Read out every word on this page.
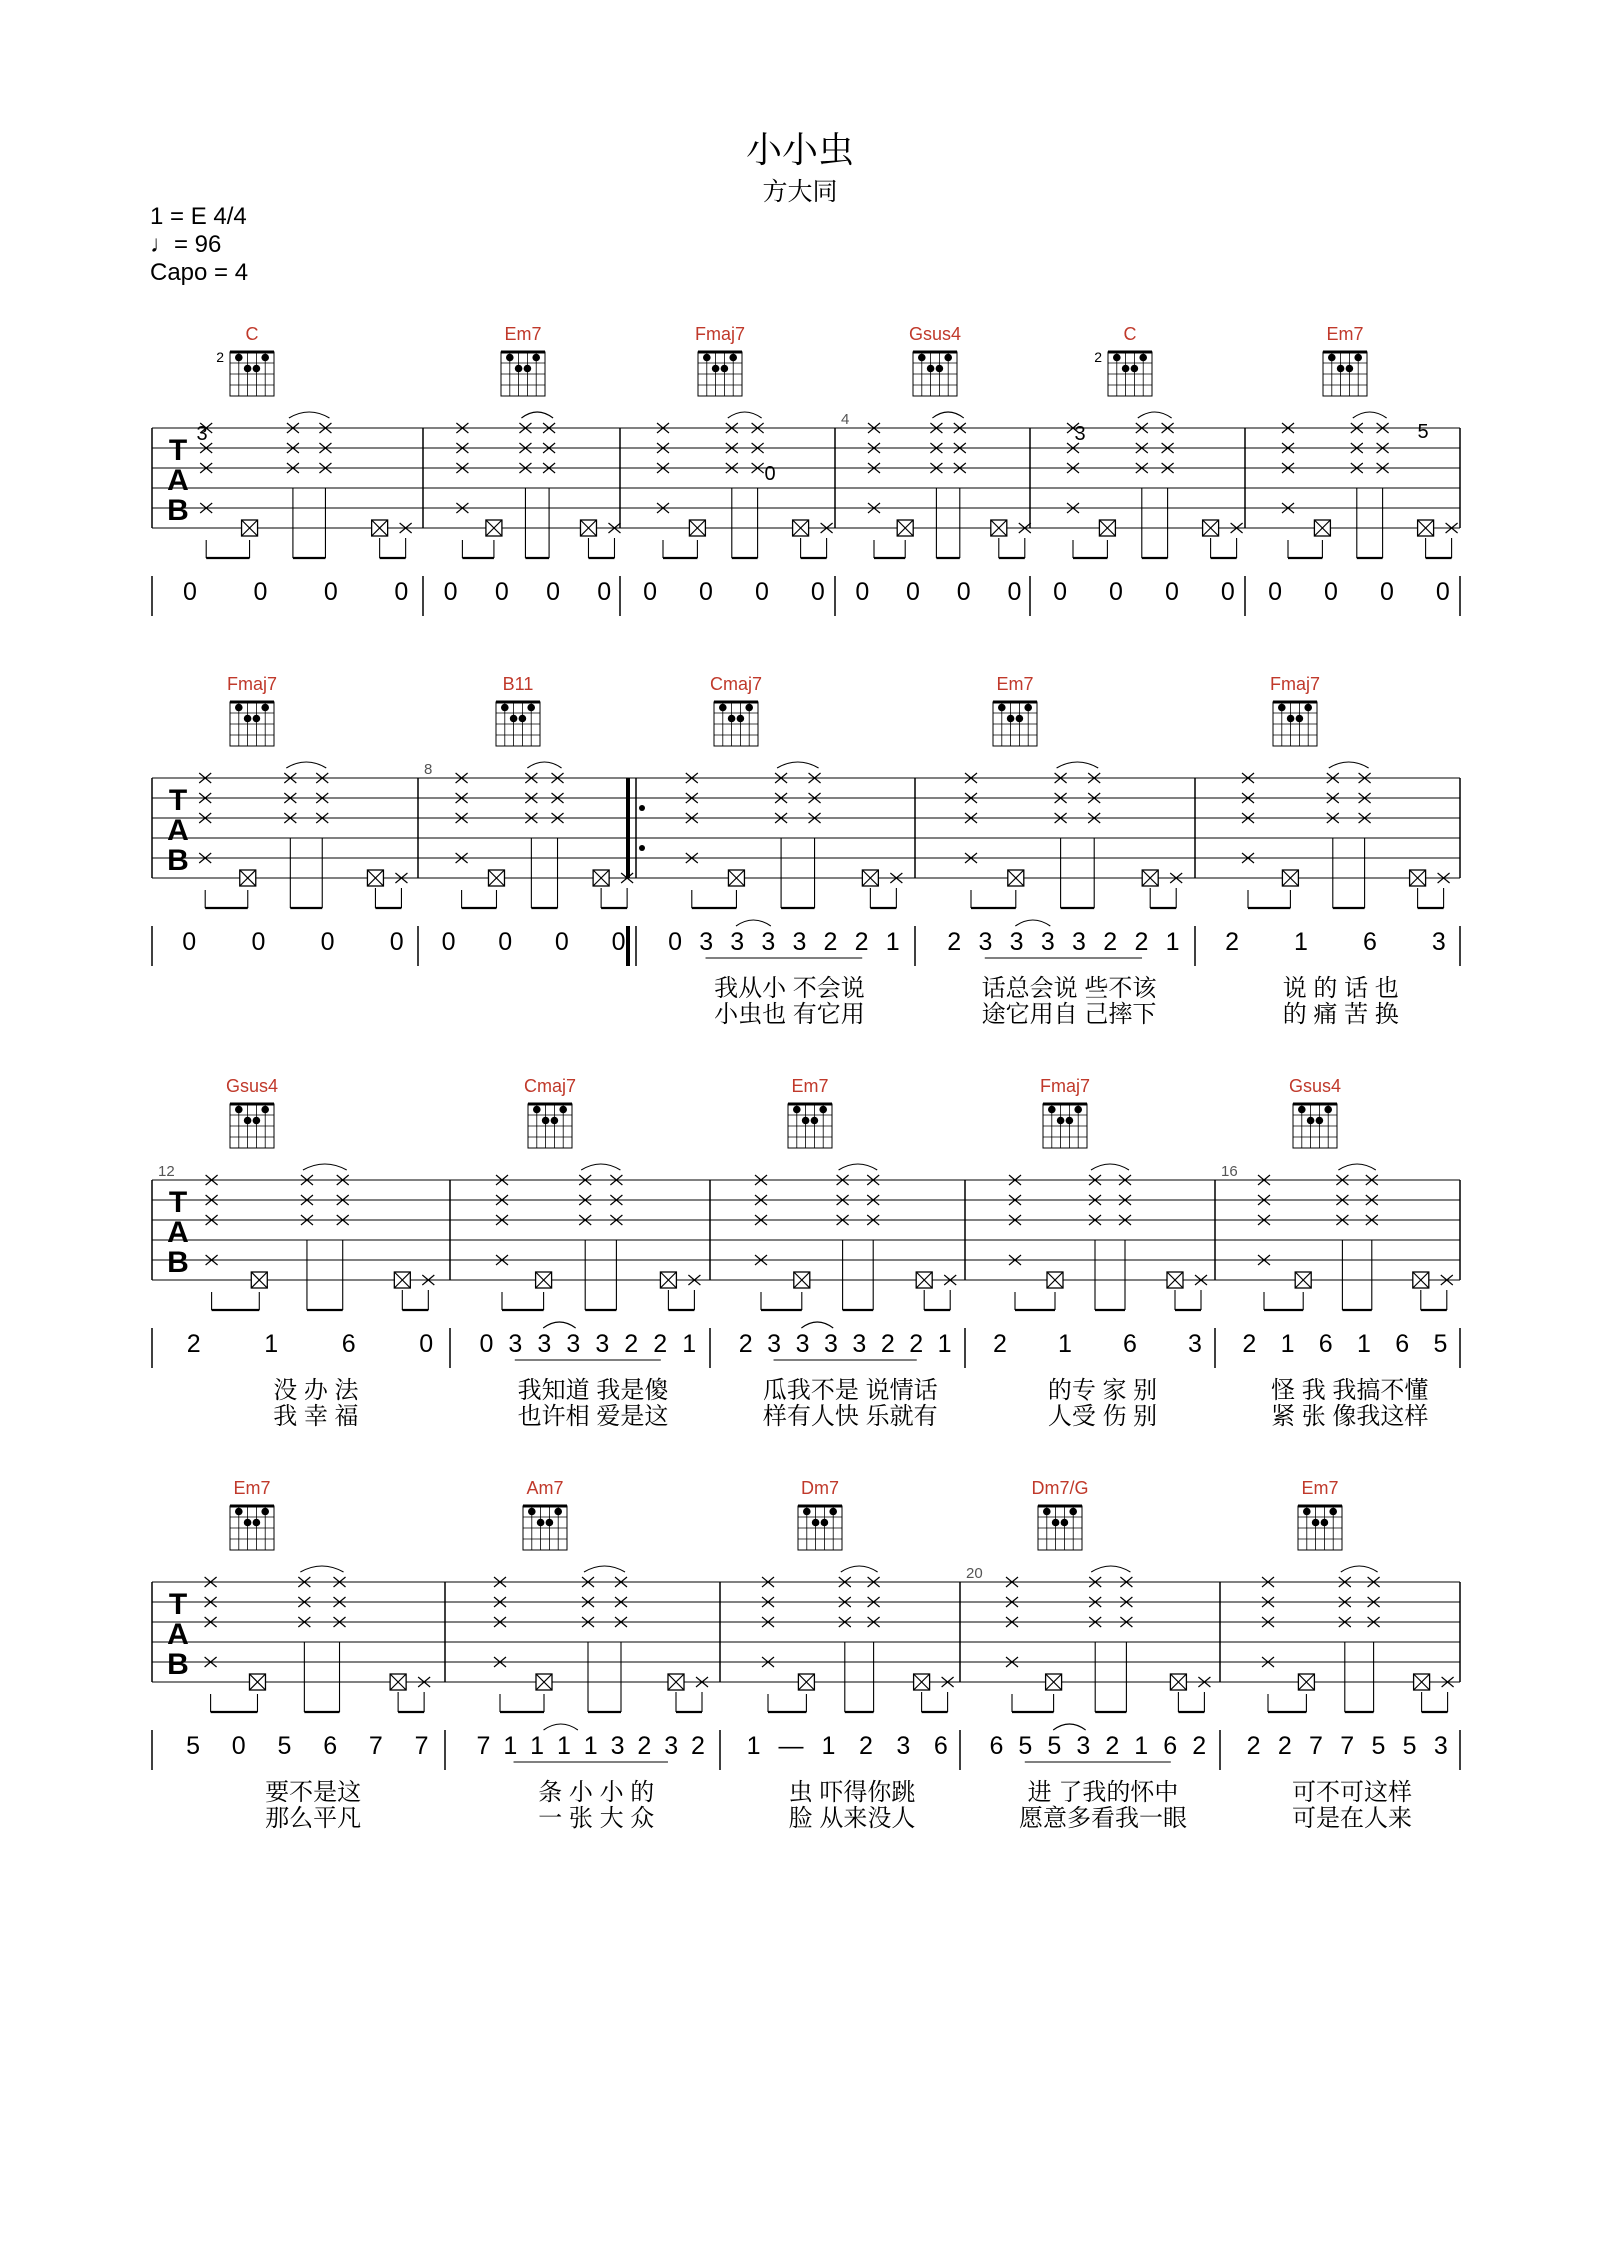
小小虫
方大同
1 = E 4/4
♩= 96
Capo = 4
T
A
B
C
2
0 0 0 0
Em7
0 0 0 0
Fmaj7
0 0 0 0
Gsus4
4
0 0 0 0
C
2
0 0 0 0
Em7
0 0 0 0
3	3
0
5
T
A
B
Fmaj7
0 0 0 0
B11
8
0 0 0 0
Cmaj7
0 3 3 3 3 2 2 1
我从小 不会说
小虫也 有它用
Em7
2 3 3 3 3 2 2 1
话总会说 些不该
途它用自 己摔下
Fmaj7
2 1 6 3
说 的 话 也
的 痛 苦 换
T
A
B
Gsus4
12
2	1	6	0
没 办 法
我 幸 福
Cmaj7
0 3 3 3 3 2 2 1
我知道 我是傻
也许相 爱是这
Em7
2 3 3 3 3 2 2 1
瓜我不是 说情话
样有人快 乐就有
Fmaj7
2 1 6 3
的专 家 别
人受 伤 别
Gsus4
16
2 1 6 1 6 5
怪 我 我搞不懂
紧 张 像我这样
T
A
B
Em7
5 0 5 6 7 7
要不是这
那么平凡
Am7
7 1 1 1 1 3 2 3 2
条 小 小 的
一 张 大 众
Dm7
1 — 1 2 3 6
虫 吓得你跳
脸 从来没人
Dm7/G
20
6 5 5 3 2 1 6 2
进 了我的怀中
愿意多看我一眼
Em7
2 2 7 7 5 5 3
可不可这样
可是在人来
